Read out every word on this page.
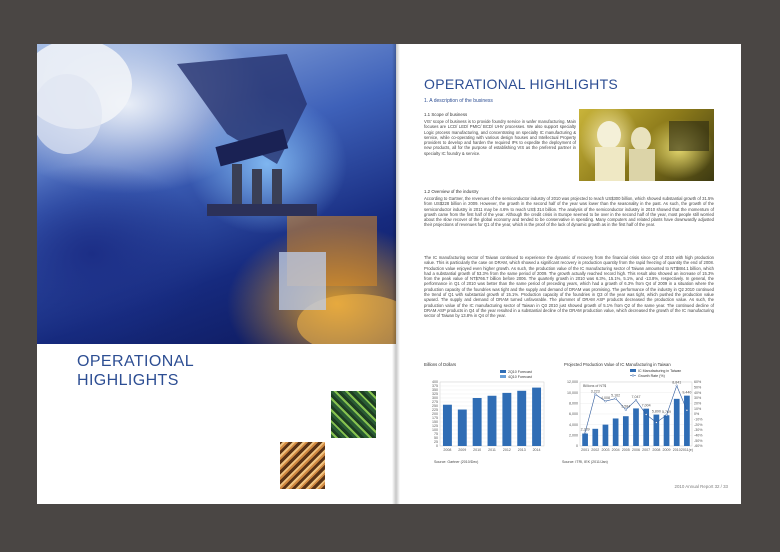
OPERATIONAL
HIGHLIGHTS
OPERATIONAL HIGHLIGHTS

1. A description of the business

1.1 Scope of business

VIS' scope of business is to provide foundry service in wafer manufacturing. Main focuses are LCD/ LED/ PMIC/ BCD/ UHV processes. We also support specialty Logic process manufacturing, and concentrating on specialty IC manufacturing & service, while co-operating with various design houses and Intellectual Property providers to develop and harden the required IPs to expedite the deployment of new products, all for the purpose of establishing VIS as the preferred partner in specialty IC foundry & service.

1.2 Overview of the industry

According to Gartner, the revenues of the semiconductor industry of 2010 was projected to reach US$300 billion, which showed substantial growth of 31.5% from US$228 billion in 2009. However, the growth in the second half of the year was lower than the seasonality in the past. As such, the growth of the semiconductor industry in 2011 may be 4.6% to reach US$ 314 billion. The analysis of the semiconductor industry in 2010 showed that the momentum of growth came from the first half of the year. Although the credit crisis in Europe seemed to be over in the second half of the year, most people still worried about the slow recover of the global economy and tended to be conservative in spending. Many computers and related plants have downwardly adjusted their projections of revenues for Q1 of the year, which is the proof of the lack of dynamic growth as in the first half of the year.

The IC manufacturing sector of Taiwan continued to experience the dynamic of recovery from the financial crisis since Q2 of 2010 with high production value. This is particularly the case on DRAM, which showed a significant recovery in production quantity from the rapid freezing of quantity the end of 2008. Production value enjoyed even higher growth. As such, the production value of the IC manufacturing sector of Taiwan amounted to NT$884.1 billion, which had a substantial growth of 53.3% from the same period of 2009. The growth actually reached record high. This result also showed an increase of 15.3% from the peak value of NT$766.7 billion before 2006. The quarterly growth in 2010 was 6.3%, 15.1%, 5.1%, and -13.8%, respectively. In general, the performance in Q1 of 2010 was better than the same period of preceding years, which had a growth of 6.3% from Q4 of 2009 in a situation where the production capacity of the foundries was tight and the supply and demand of DRAM was promising. The performance of the industry in Q2 2010 continued the trend of Q1 with substantial growth of 15.1%. Production capacity of the foundries in Q3 of the year was tight, which pushed the production value upward. The supply and demand of DRAM turned unfavorable. The plummet of DRAM ASP products decreased the production value. As such, the production value of the IC manufacturing sector of Taiwan in Q3 2010 just showed growth of 5.1% from Q2 of the same year. The continued decline of DRAM ASP products in Q4 of the year resulted in a substantial decline of the DRAM production value, which decreased the growth of the IC manufacturing sector of Taiwan by 13.8% in Q4 of the year.

Billions of Dollars

0
25
50
75
100
125
150
175
200
225
250
275
300
325
350
375
400
2008 2009 2010 2011 2012 2013 2014
2Q10 Forecast
4Q10 Forecast

Source: Gartner (2010/Dec)

Projected Production Value of IC Manufacturing in Taiwan

0
2,000
4,000
6,000
8,000
10,000
12,000	60%
50%
40%
30%
20%
10%
0%
-10%
-20%
-30%
-40%
-50%
-60%
Billions of NT$
2001 2002 2003 2004 2005 2006 2007 2008 2009 2010 2011(e)
2,339
3,223
4,008
5,162
5,584
7,047
7,004
5,890 5,769
8,841
9,440
IC Manufacturing in Taiwan
Growth Rate (%)

Source: ITRI, IEK (2011/Jan)

2010 Annual Report 32 / 33
